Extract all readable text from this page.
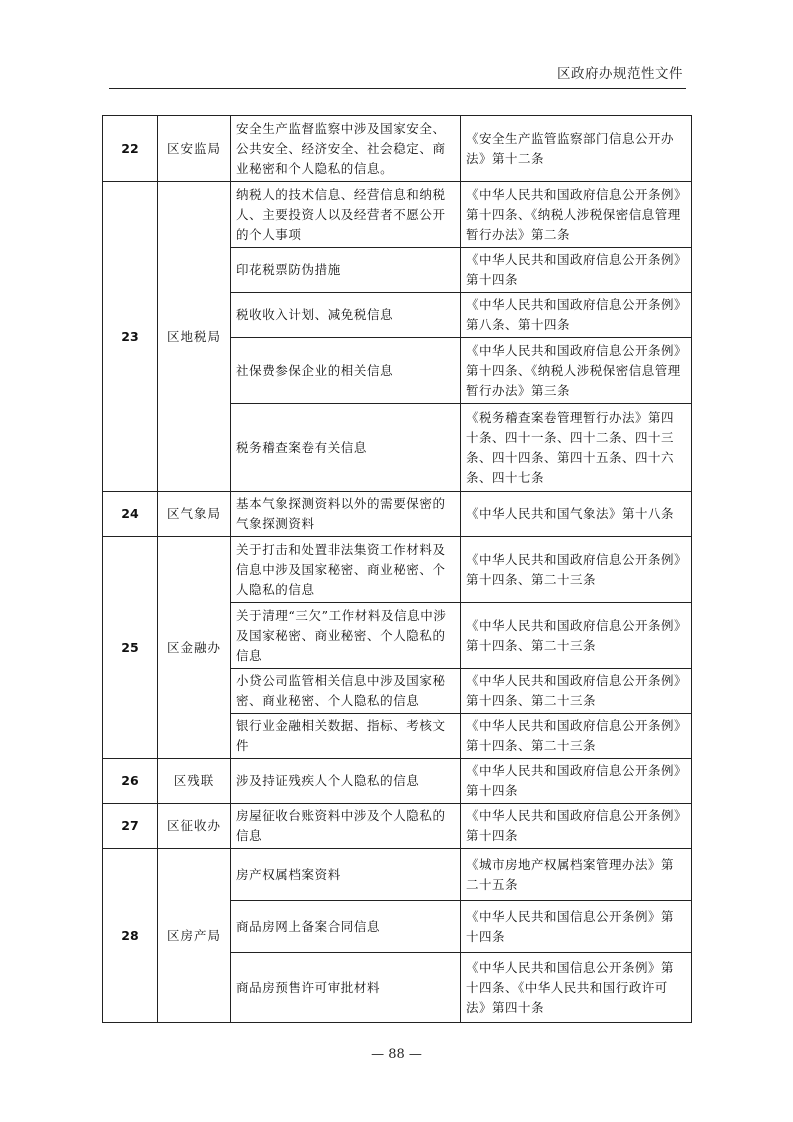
区政府办规范性文件
22	区安监局	安全生产监督监察中涉及国家安全、公共安全、经济安全、社会稳定、商业秘密和个人隐私的信息。	《安全生产监管监察部门信息公开办法》第十二条
23	区地税局	纳税人的技术信息、经营信息和纳税人、主要投资人以及经营者不愿公开的个人事项	《中华人民共和国政府信息公开条例》第十四条、《纳税人涉税保密信息管理暂行办法》第二条
		印花税票防伪措施	《中华人民共和国政府信息公开条例》第十四条
		税收收入计划、减免税信息	《中华人民共和国政府信息公开条例》第八条、第十四条
		社保费参保企业的相关信息	《中华人民共和国政府信息公开条例》第十四条、《纳税人涉税保密信息管理暂行办法》第三条
		税务稽查案卷有关信息	《税务稽查案卷管理暂行办法》第四十条、四十一条、四十二条、四十三条、四十四条、第四十五条、四十六条、四十七条
24	区气象局	基本气象探测资料以外的需要保密的气象探测资料	《中华人民共和国气象法》第十八条
25	区金融办	关于打击和处置非法集资工作材料及信息中涉及国家秘密、商业秘密、个人隐私的信息	《中华人民共和国政府信息公开条例》第十四条、第二十三条
		关于清理“三欠”工作材料及信息中涉及国家秘密、商业秘密、个人隐私的信息	《中华人民共和国政府信息公开条例》第十四条、第二十三条
		小贷公司监管相关信息中涉及国家秘密、商业秘密、个人隐私的信息	《中华人民共和国政府信息公开条例》第十四条、第二十三条
		银行业金融相关数据、指标、考核文件	《中华人民共和国政府信息公开条例》第十四条、第二十三条
26	区残联	涉及持证残疾人个人隐私的信息	《中华人民共和国政府信息公开条例》第十四条
27	区征收办	房屋征收台账资料中涉及个人隐私的信息	《中华人民共和国政府信息公开条例》第十四条
28	区房产局	房产权属档案资料	《城市房地产权属档案管理办法》第二十五条
		商品房网上备案合同信息	《中华人民共和国信息公开条例》第十四条
		商品房预售许可审批材料	《中华人民共和国信息公开条例》第十四条、《中华人民共和国行政许可法》第四十条
— 88 —
